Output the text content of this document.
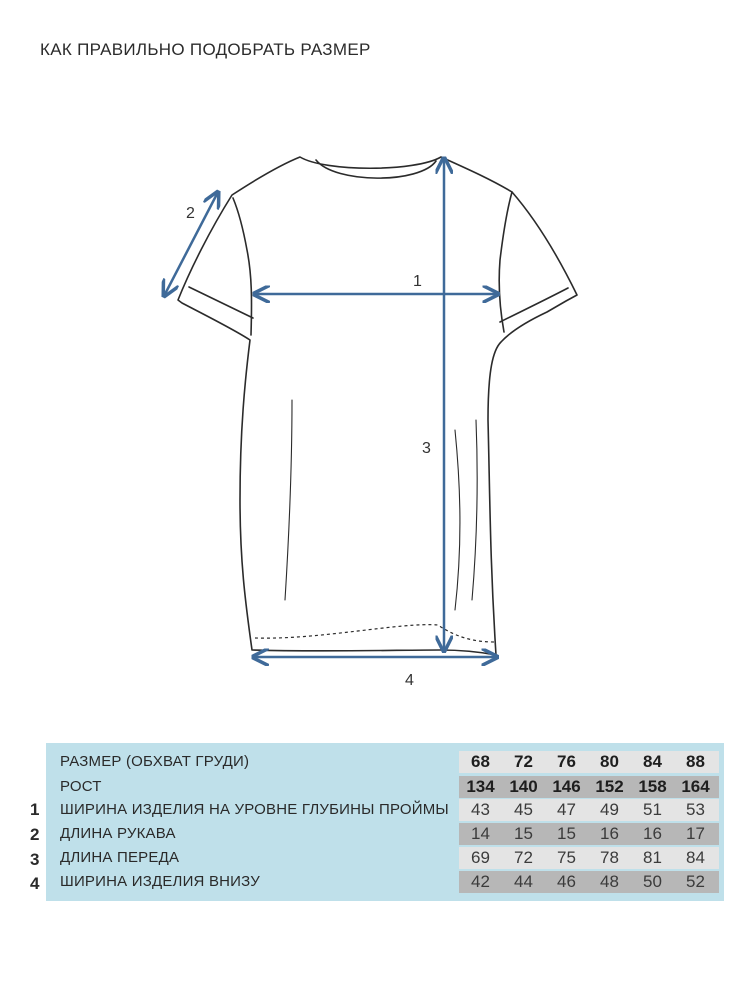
КАК ПРАВИЛЬНО ПОДОБРАТЬ РАЗМЕР
1
2
3
4
РАЗМЕР (ОБХВАТ ГРУДИ)	68	72	76	80	84	88
РОСТ	134 140 146 152 158 164
ШИРИНА ИЗДЕЛИЯ НА УРОВНЕ ГЛУБИНЫ ПРОЙМЫ	43	45	47	49	51	53
ДЛИНА РУКАВА	14	15	15	16	16	17
ДЛИНА ПЕРЕДА	69	72	75	78	81	84
ШИРИНА ИЗДЕЛИЯ ВНИЗУ	42	44	46	48	50	52
1
2
3
4
